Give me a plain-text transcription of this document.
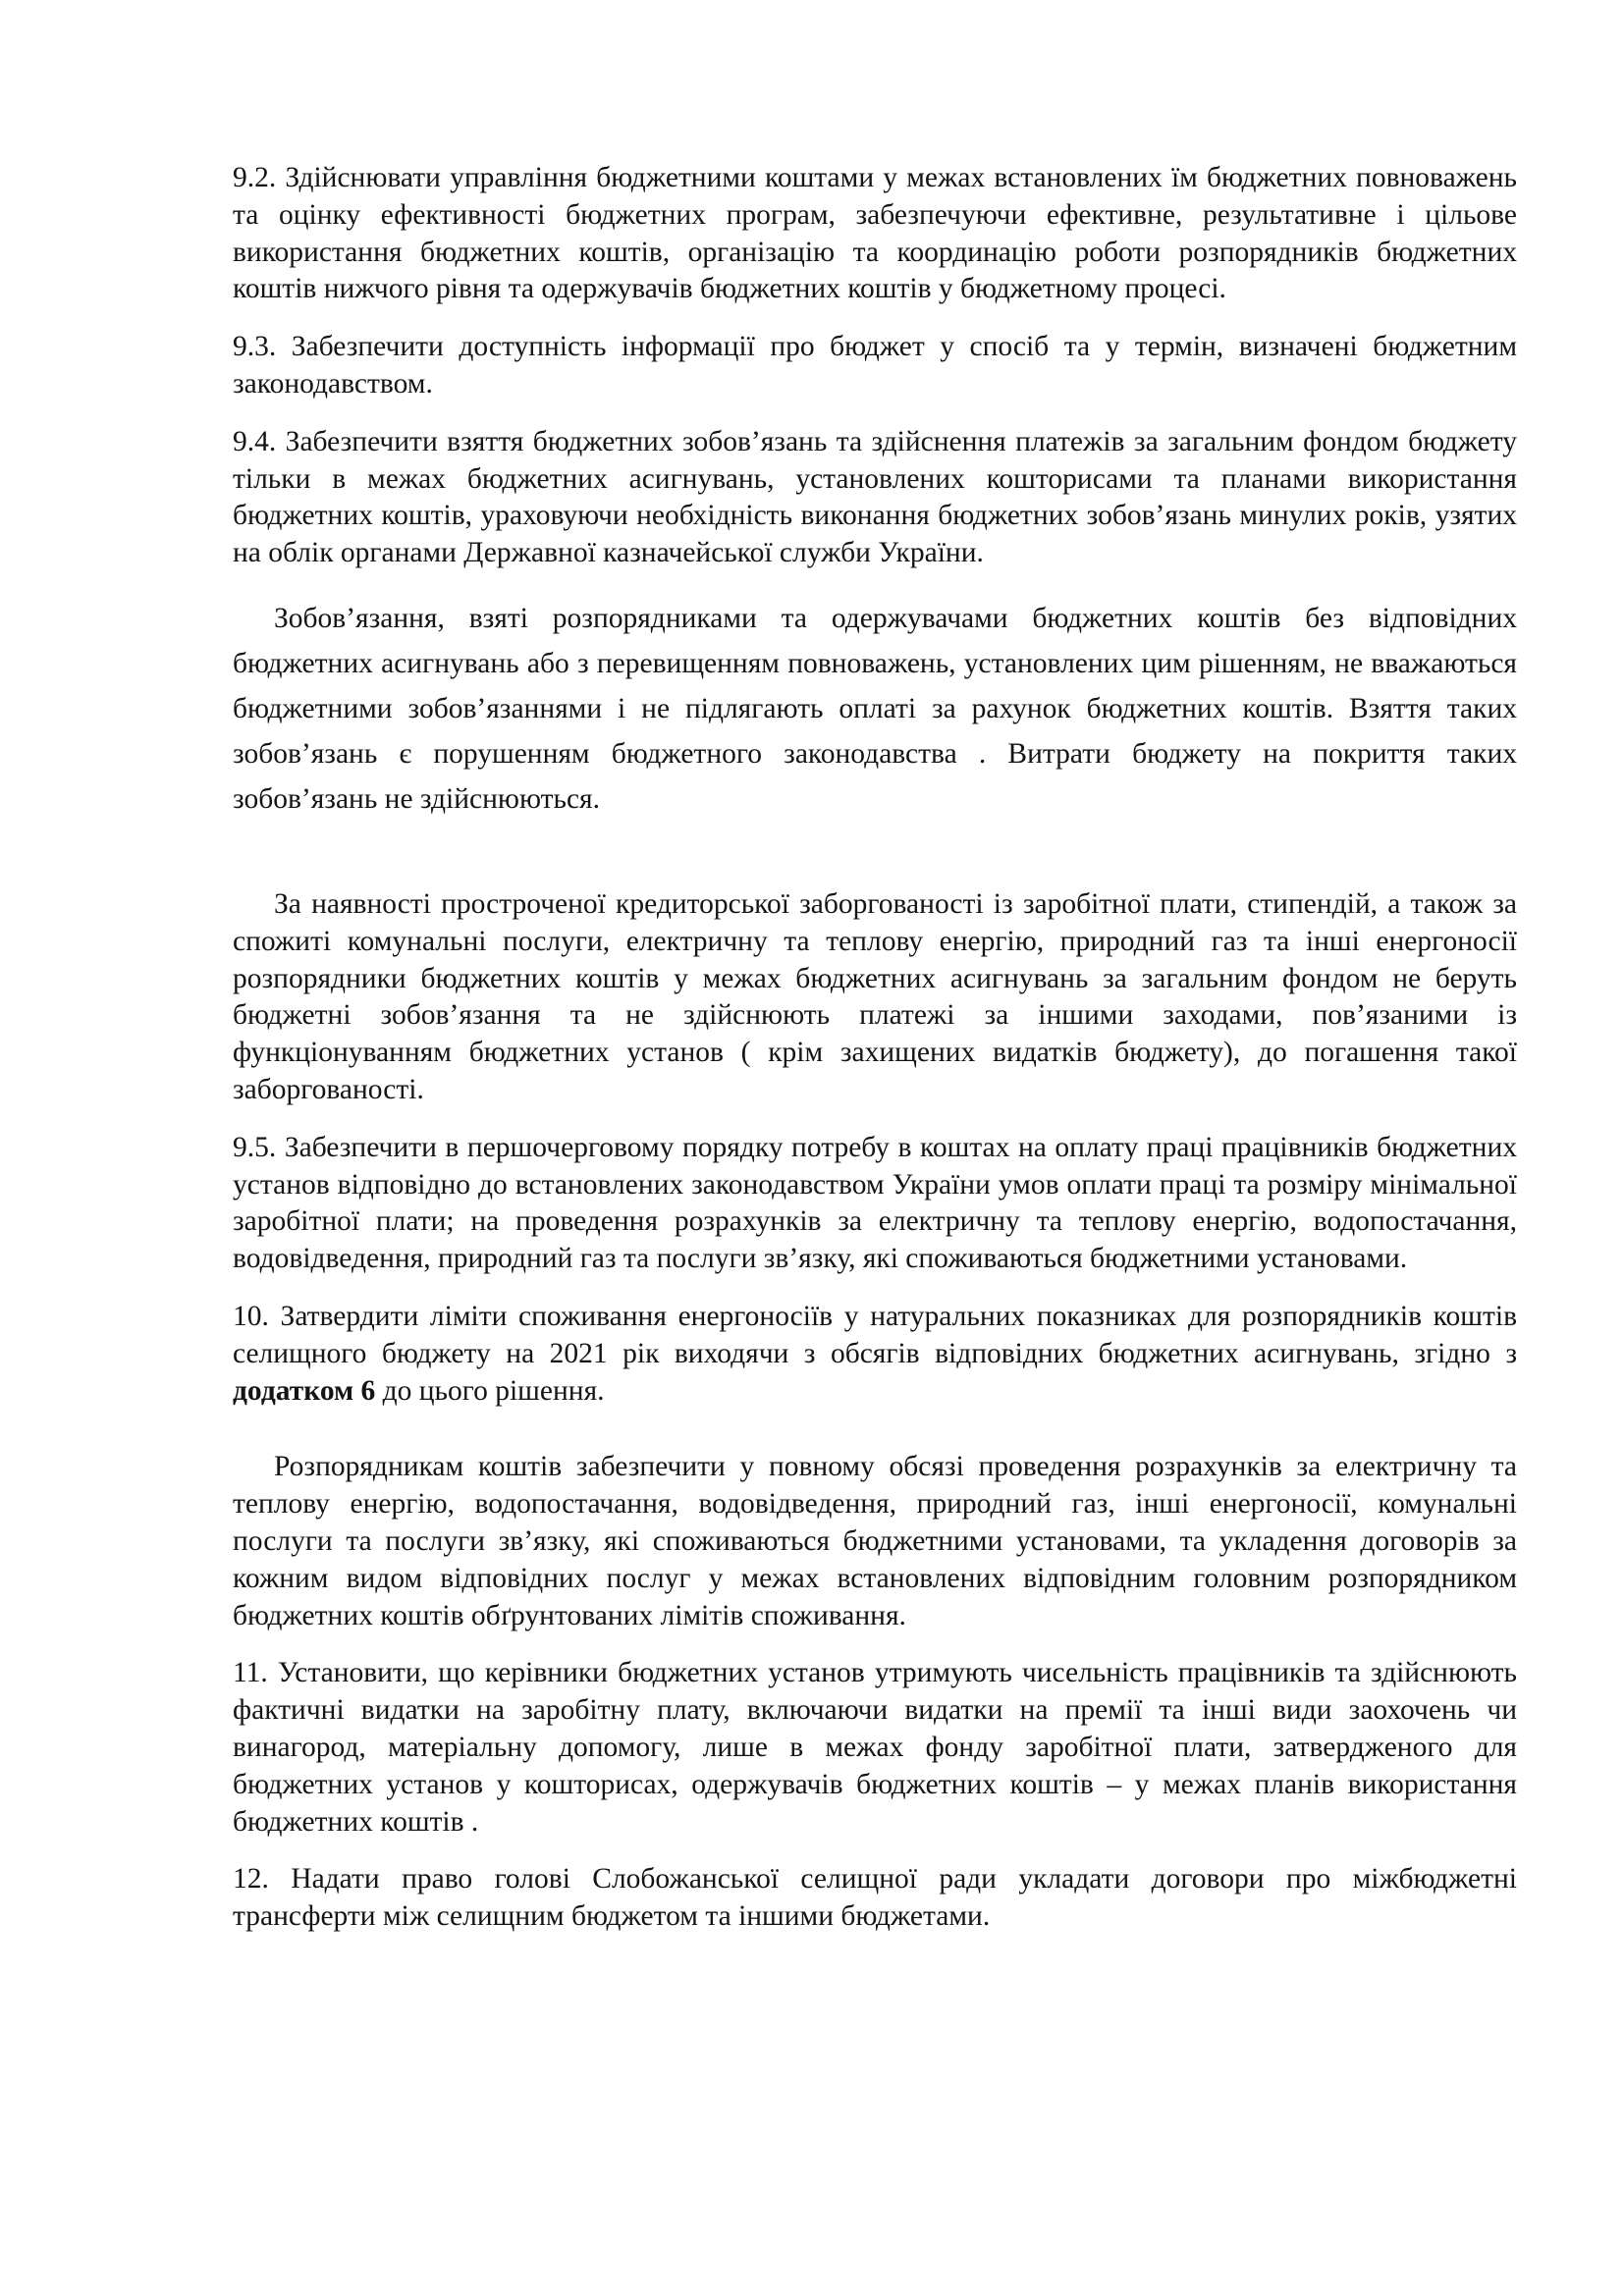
9.2. Здійснювати управління бюджетними коштами у межах встановлених їм бюджетних повноважень та оцінку ефективності бюджетних програм, забезпечуючи ефективне, результативне і цільове використання бюджетних коштів, організацію та координацію роботи розпорядників бюджетних коштів нижчого рівня та одержувачів бюджетних коштів у бюджетному процесі.

9.3. Забезпечити доступність інформації про бюджет у спосіб та у термін, визначені бюджетним законодавством.

9.4. Забезпечити взяття бюджетних зобов’язань та здійснення платежів за загальним фондом бюджету тільки в межах бюджетних асигнувань, установлених кошторисами та планами використання бюджетних коштів, ураховуючи необхідність виконання бюджетних зобов’язань минулих років, узятих на облік органами Державної казначейської служби України.

Зобов’язання, взяті розпорядниками та одержувачами бюджетних коштів без відповідних бюджетних асигнувань або з перевищенням повноважень, установлених цим рішенням, не вважаються бюджетними зобов’язаннями і не підлягають оплаті за рахунок бюджетних коштів. Взяття таких зобов’язань є порушенням бюджетного законодавства . Витрати бюджету на покриття таких зобов’язань не здійснюються.

За наявності простроченої кредиторської заборгованості із заробітної плати, стипендій, а також за спожиті комунальні послуги, електричну та теплову енергію, природний газ та інші енергоносії розпорядники бюджетних коштів у межах бюджетних асигнувань за загальним фондом не беруть бюджетні зобов’язання та не здійснюють платежі за іншими заходами, пов’язаними із функціонуванням бюджетних установ ( крім захищених видатків бюджету), до погашення такої заборгованості.

9.5. Забезпечити в першочерговому порядку потребу в коштах на оплату праці працівників бюджетних установ відповідно до встановлених законодавством України умов оплати праці та розміру мінімальної заробітної плати; на проведення розрахунків за електричну та теплову енергію, водопостачання, водовідведення, природний газ та послуги зв’язку, які споживаються бюджетними установами.

10. Затвердити ліміти споживання енергоносіїв у натуральних показниках для розпорядників коштів селищного бюджету на 2021 рік виходячи з обсягів відповідних бюджетних асигнувань, згідно з додатком 6 до цього рішення.

Розпорядникам коштів забезпечити у повному обсязі проведення розрахунків за електричну та теплову енергію, водопостачання, водовідведення, природний газ, інші енергоносії, комунальні послуги та послуги зв’язку, які споживаються бюджетними установами, та укладення договорів за кожним видом відповідних послуг у межах встановлених відповідним головним розпорядником бюджетних коштів обґрунтованих лімітів споживання.

11. Установити, що керівники бюджетних установ утримують чисельність працівників та здійснюють фактичні видатки на заробітну плату, включаючи видатки на премії та інші види заохочень чи винагород, матеріальну допомогу, лише в межах фонду заробітної плати, затвердженого для бюджетних установ у кошторисах, одержувачів бюджетних коштів – у межах планів використання бюджетних коштів .

12. Надати право голові Слобожанської селищної ради укладати договори про міжбюджетні трансферти між селищним бюджетом та іншими бюджетами.
